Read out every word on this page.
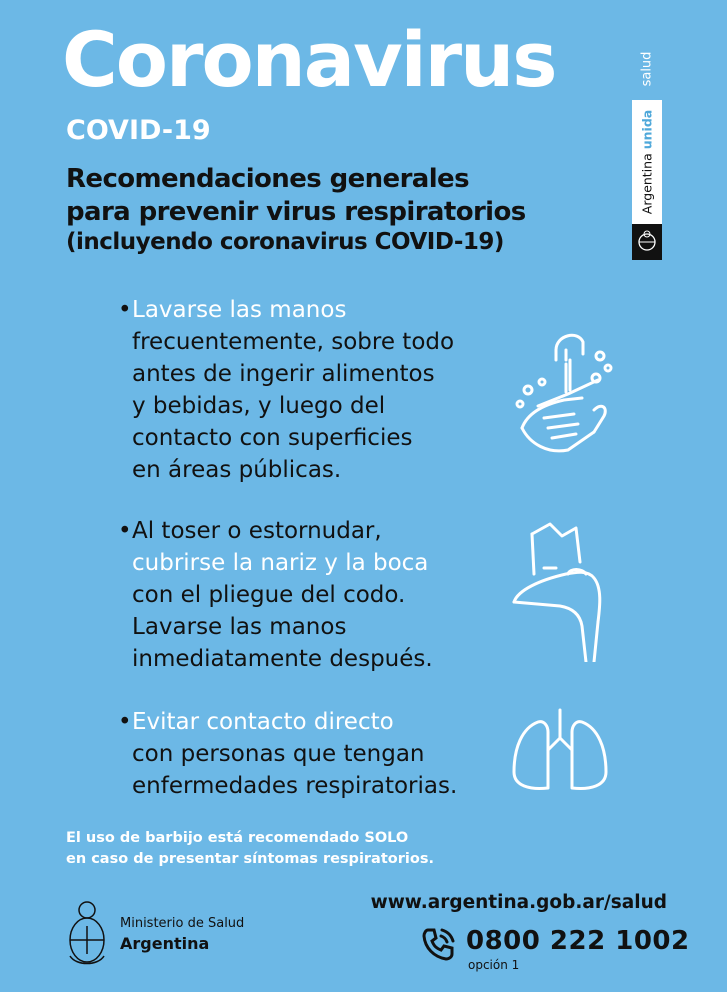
Coronavirus
COVID-19
Recomendaciones generales
para prevenir virus respiratorios
(incluyendo coronavirus COVID-19)
salud
Argentina unida
• Lavarse las manos
frecuentemente, sobre todo
antes de ingerir alimentos
y bebidas, y luego del
contacto con superficies
en áreas públicas.
• Al toser o estornudar,
cubrirse la nariz y la boca
con el pliegue del codo.
Lavarse las manos
inmediatamente después.
• Evitar contacto directo
con personas que tengan
enfermedades respiratorias.
El uso de barbijo está recomendado SOLO
en caso de presentar síntomas respiratorios.
Ministerio de Salud
Argentina
www.argentina.gob.ar/salud
0800 222 1002
opción 1
